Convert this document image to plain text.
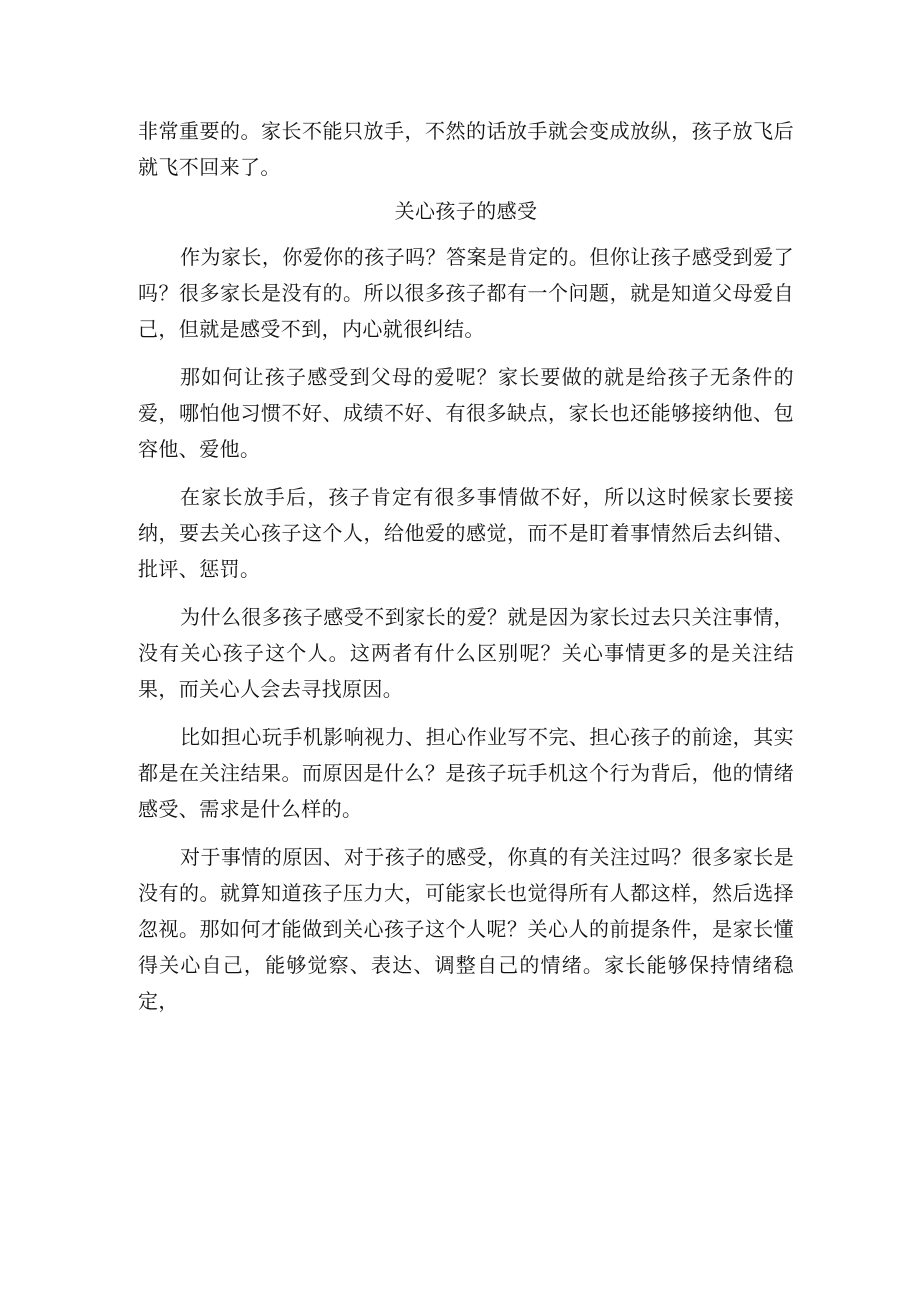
非常重要的。家长不能只放手，不然的话放手就会变成放纵，孩子放飞后就飞不回来了。

关心孩子的感受

作为家长，你爱你的孩子吗？答案是肯定的。但你让孩子感受到爱了吗？很多家长是没有的。所以很多孩子都有一个问题，就是知道父母爱自己，但就是感受不到，内心就很纠结。

那如何让孩子感受到父母的爱呢？家长要做的就是给孩子无条件的爱，哪怕他习惯不好、成绩不好、有很多缺点，家长也还能够接纳他、包容他、爱他。

在家长放手后，孩子肯定有很多事情做不好，所以这时候家长要接纳，要去关心孩子这个人，给他爱的感觉，而不是盯着事情然后去纠错、批评、惩罚。

为什么很多孩子感受不到家长的爱？就是因为家长过去只关注事情，没有关心孩子这个人。这两者有什么区别呢？关心事情更多的是关注结果，而关心人会去寻找原因。

比如担心玩手机影响视力、担心作业写不完、担心孩子的前途，其实都是在关注结果。而原因是什么？是孩子玩手机这个行为背后，他的情绪感受、需求是什么样的。

对于事情的原因、对于孩子的感受，你真的有关注过吗？很多家长是没有的。就算知道孩子压力大，可能家长也觉得所有人都这样，然后选择忽视。那如何才能做到关心孩子这个人呢？关心人的前提条件，是家长懂得关心自己，能够觉察、表达、调整自己的情绪。家长能够保持情绪稳定，
